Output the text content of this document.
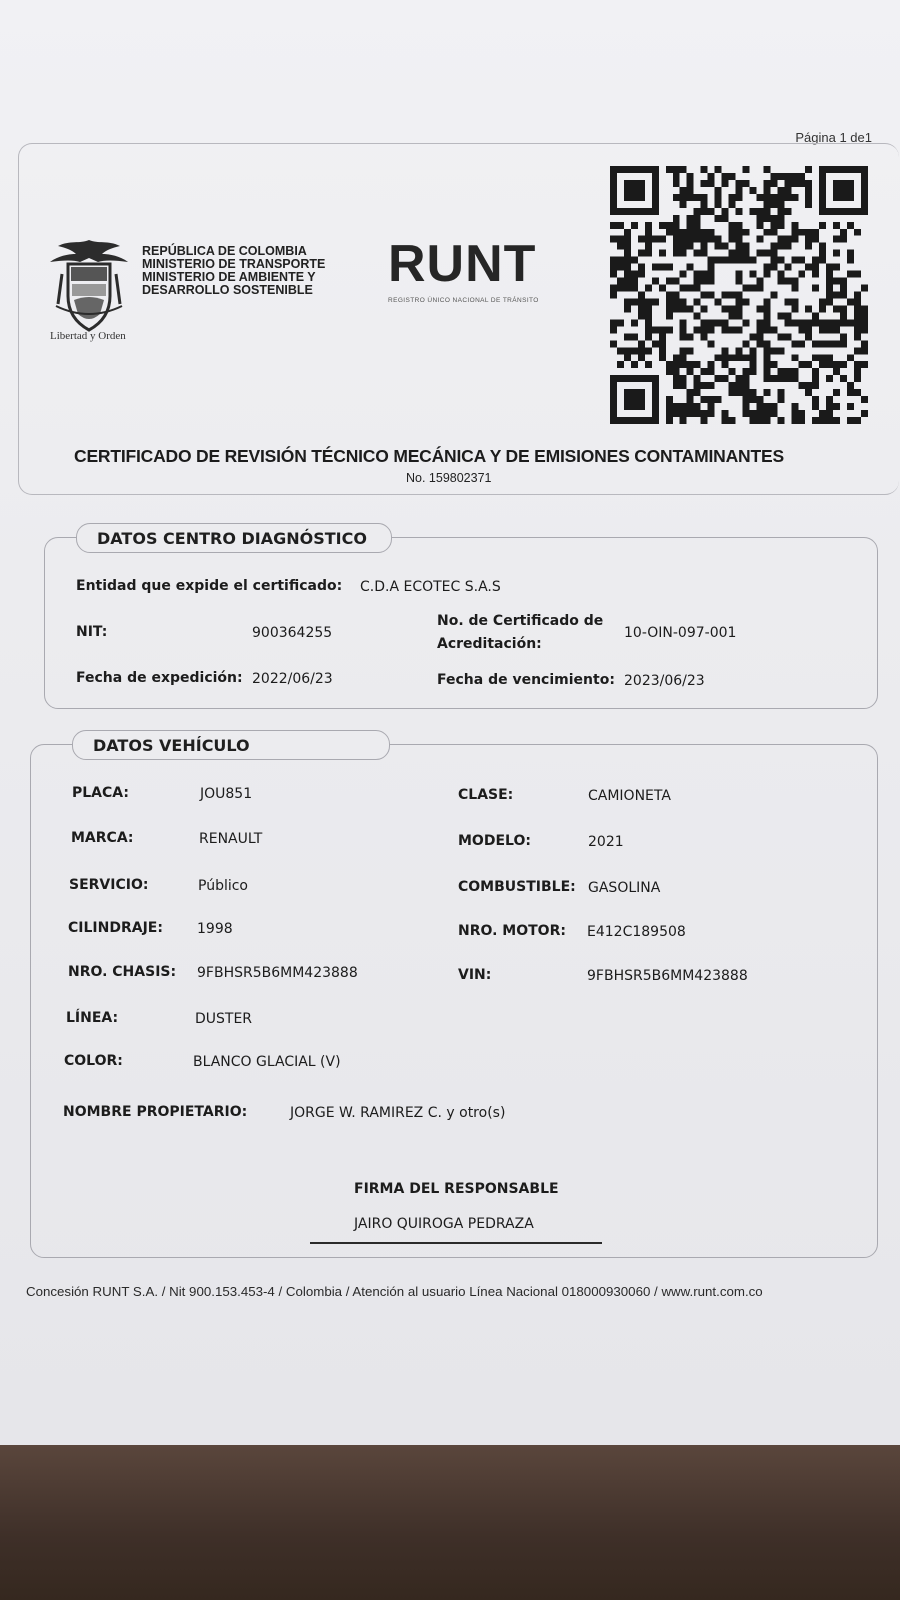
Página 1 de1
Libertad y Orden
REPÚBLICA DE COLOMBIA
MINISTERIO DE TRANSPORTE
MINISTERIO DE AMBIENTE Y
DESARROLLO SOSTENIBLE RUNT
REGISTRO ÚNICO NACIONAL DE TRÁNSITO
CERTIFICADO DE REVISIÓN TÉCNICO MECÁNICA Y DE EMISIONES CONTAMINANTES
No. 159802371
DATOS CENTRO DIAGNÓSTICO
Entidad que expide el certificado: C.D.A ECOTEC S.A.S
NIT:	900364255
No. de Certificado de
Acreditación:
10-OIN-097-001
Fecha de expedición: 2022/06/23	Fecha de vencimiento: 2023/06/23
DATOS VEHÍCULO
PLACA:	JOU851	CLASE:	CAMIONETA
MARCA:	RENAULT	MODELO:	2021
SERVICIO:	Público	COMBUSTIBLE: GASOLINA
CILINDRAJE: 1998	NRO. MOTOR: E412C189508
NRO. CHASIS: 9FBHSR5B6MM423888	VIN:	9FBHSR5B6MM423888
LÍNEA:	DUSTER
COLOR:	BLANCO GLACIAL (V)
NOMBRE PROPIETARIO:	JORGE W. RAMIREZ C. y otro(s)
FIRMA DEL RESPONSABLE
JAIRO QUIROGA PEDRAZA
Concesión RUNT S.A. / Nit 900.153.453-4 / Colombia / Atención al usuario Línea Nacional 018000930060 / www.runt.com.co
